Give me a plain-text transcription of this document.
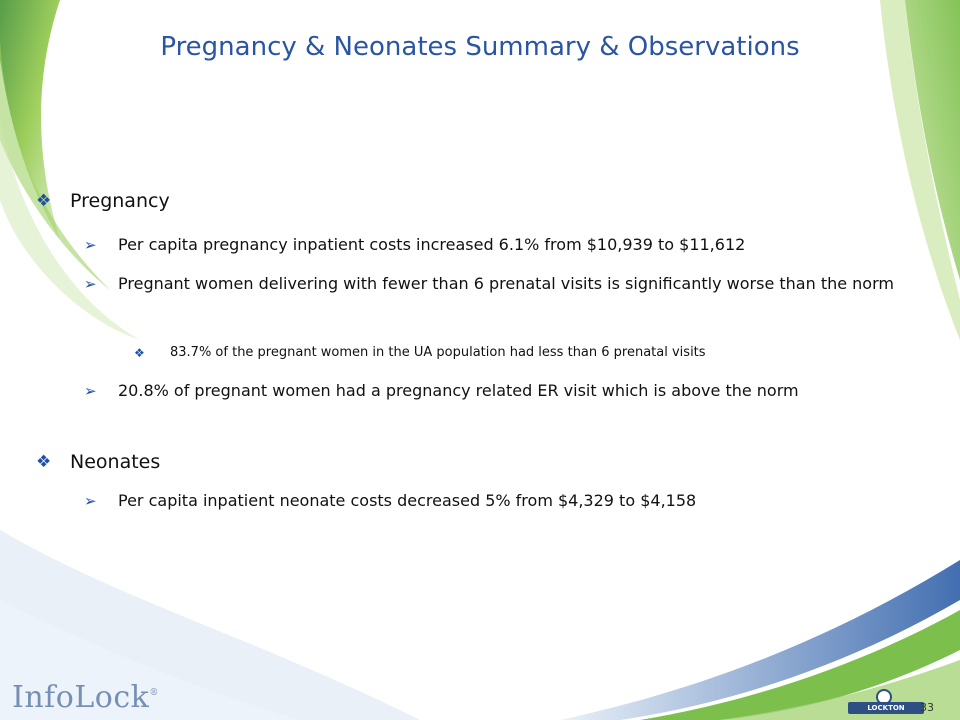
Pregnancy & Neonates Summary & Observations
❖ Pregnancy
➢	Per capita pregnancy inpatient costs increased 6.1% from $10,939 to $11,612
➢	Pregnant women delivering with fewer than 6 prenatal visits is significantly worse than the norm
❖	83.7% of the pregnant women in the UA population had less than 6 prenatal visits
➢	20.8% of pregnant women had a pregnancy related ER visit which is above the norm
❖ Neonates
➢	Per capita inpatient neonate costs decreased 5% from $4,329 to $4,158
InfoLock®
LOCKTON	33
